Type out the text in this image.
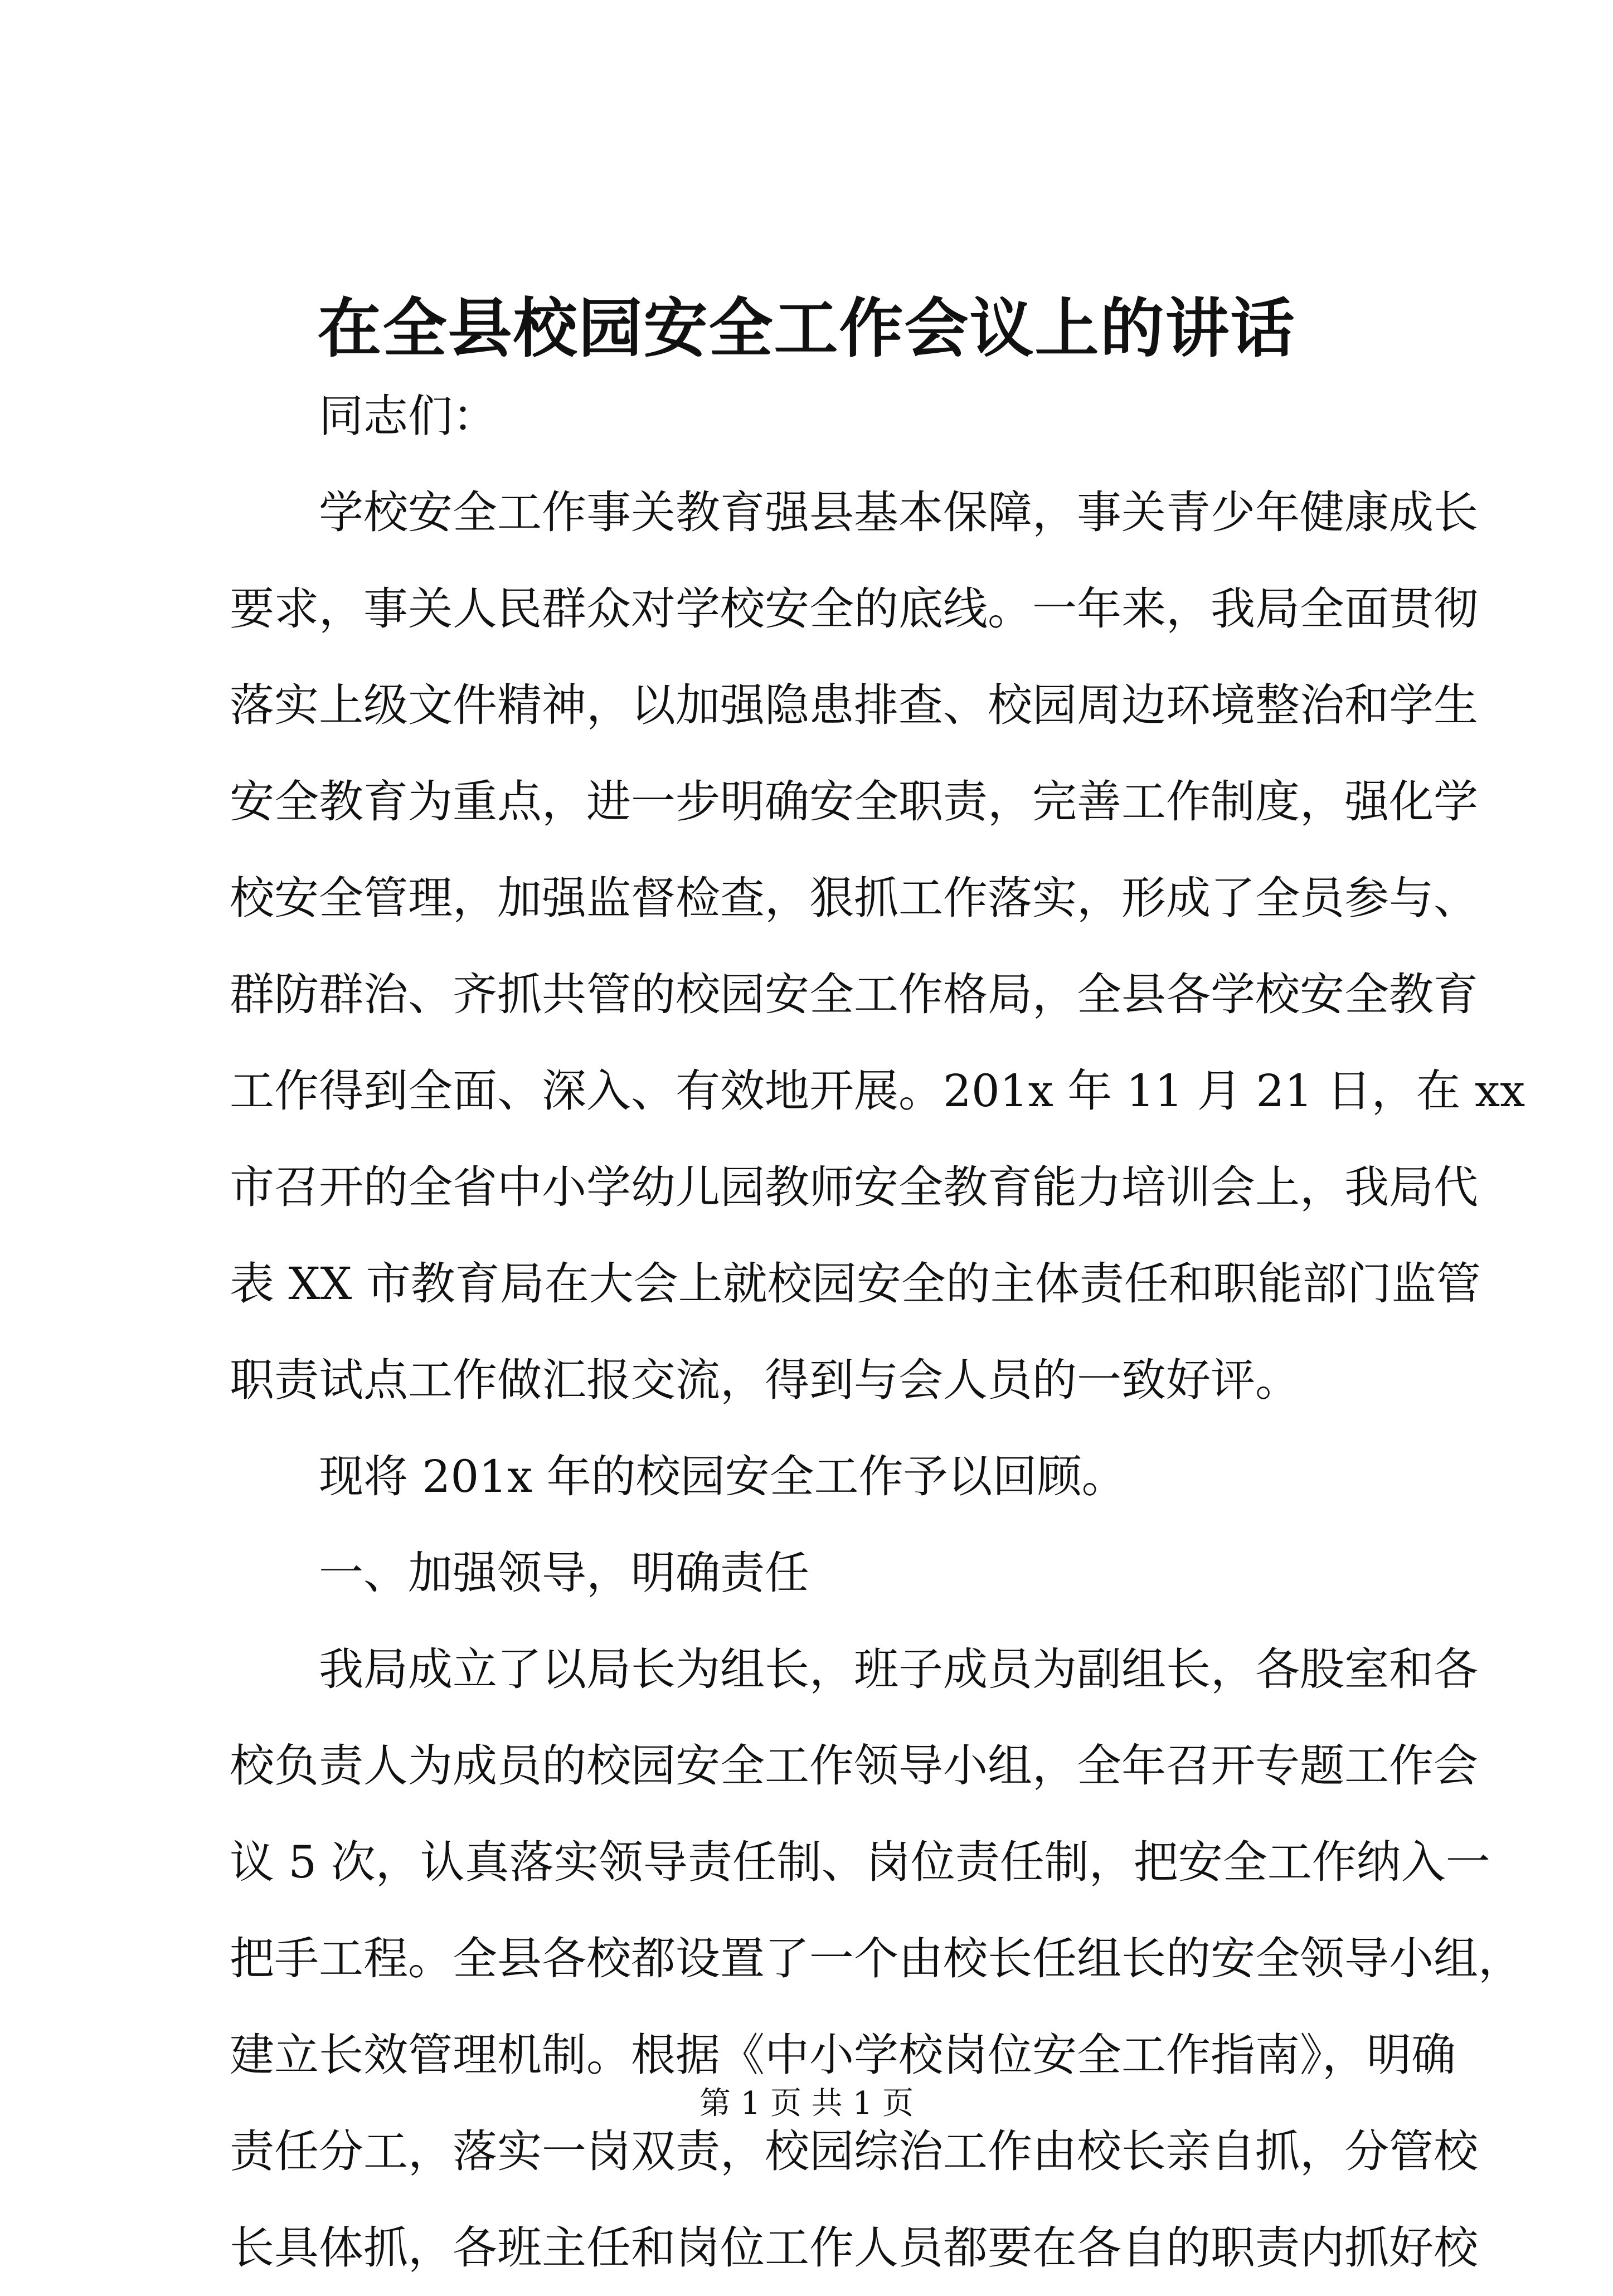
在全县校园安全工作会议上的讲话
同志们：
学校安全工作事关教育强县基本保障，事关青少年健康成长
要求，事关人民群众对学校安全的底线。一年来，我局全面贯彻
落实上级文件精神，以加强隐患排查、校园周边环境整治和学生
安全教育为重点，进一步明确安全职责，完善工作制度，强化学
校安全管理，加强监督检查，狠抓工作落实，形成了全员参与、
群防群治、齐抓共管的校园安全工作格局，全县各学校安全教育
工作得到全面、深入、有效地开展。201x 年 11 月 21 日，在 xx
市召开的全省中小学幼儿园教师安全教育能力培训会上，我局代
表 XX 市教育局在大会上就校园安全的主体责任和职能部门监管
职责试点工作做汇报交流，得到与会人员的一致好评。
现将 201x 年的校园安全工作予以回顾。
一、加强领导，明确责任
我局成立了以局长为组长，班子成员为副组长，各股室和各
校负责人为成员的校园安全工作领导小组，全年召开专题工作会
议 5 次，认真落实领导责任制、岗位责任制，把安全工作纳入一
把手工程。全县各校都设置了一个由校长任组长的安全领导小组，
建立长效管理机制。根据《中小学校岗位安全工作指南》，明确
责任分工，落实一岗双责，校园综治工作由校长亲自抓，分管校
长具体抓，各班主任和岗位工作人员都要在各自的职责内抓好校
第 1 页 共 1 页
